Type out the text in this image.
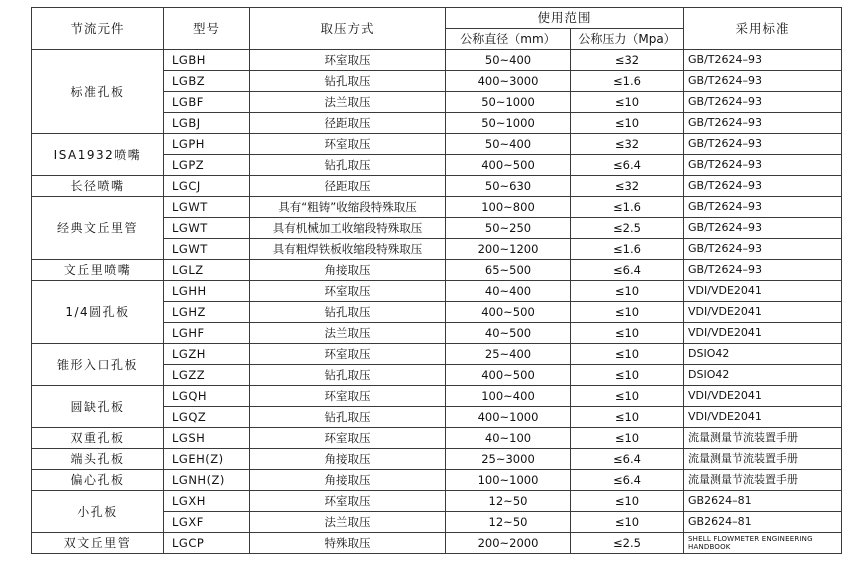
节流元件	型号	取压方式	使用范围		采用标准
			公称直径（mm）	公称压力（Mpa）	
标准孔板	LGBH	环室取压	50~400	≤32	GB/T2624–93
	LGBZ	钻孔取压	400~3000	≤1.6	GB/T2624–93
	LGBF	法兰取压	50~1000	≤10	GB/T2624–93
	LGBJ	径距取压	50~1000	≤10	GB/T2624–93
ISA1932喷嘴	LGPH	环室取压	50~400	≤32	GB/T2624–93
	LGPZ	钻孔取压	400~500	≤6.4	GB/T2624–93
长径喷嘴	LGCJ	径距取压	50~630	≤32	GB/T2624–93
经典文丘里管	LGWT	具有“粗铸”收缩段特殊取压	100~800	≤1.6	GB/T2624–93
	LGWT	具有机械加工收缩段特殊取压	50~250	≤2.5	GB/T2624–93
	LGWT	具有粗焊铁板收缩段特殊取压	200~1200	≤1.6	GB/T2624–93
文丘里喷嘴	LGLZ	角接取压	65~500	≤6.4	GB/T2624–93
1/4圆孔板	LGHH	环室取压	40~400	≤10	VDI/VDE2041
	LGHZ	钻孔取压	400~500	≤10	VDI/VDE2041
	LGHF	法兰取压	40~500	≤10	VDI/VDE2041
锥形入口孔板	LGZH	环室取压	25~400	≤10	DSIO42
	LGZZ	钻孔取压	400~500	≤10	DSIO42
圆缺孔板	LGQH	环室取压	100~400	≤10	VDI/VDE2041
	LGQZ	钻孔取压	400~1000	≤10	VDI/VDE2041
双重孔板	LGSH	环室取压	40~100	≤10	流量测量节流装置手册
端头孔板	LGEH(Z)	角接取压	25~3000	≤6.4	流量测量节流装置手册
偏心孔板	LGNH(Z)	角接取压	100~1000	≤6.4	流量测量节流装置手册
小孔板	LGXH	环室取压	12~50	≤10	GB2624–81
	LGXF	法兰取压	12~50	≤10	GB2624–81
双文丘里管	LGCP	特殊取压	200~2000	≤2.5	SHELL FLOWMETER ENGINEERING HANDBOOK
